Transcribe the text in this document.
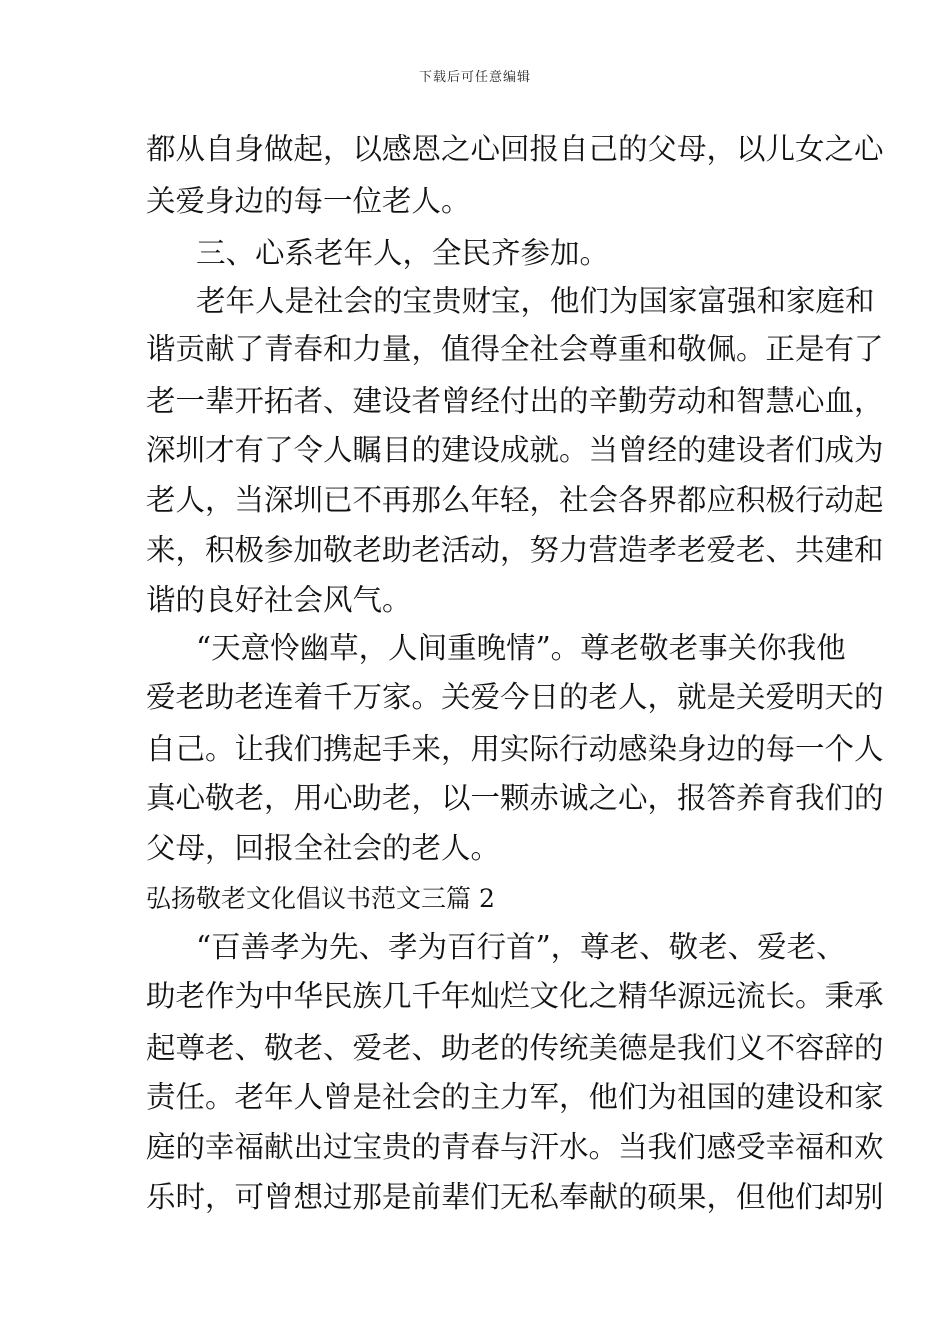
下载后可任意编辑
都从自身做起，以感恩之心回报自己的父母，以儿女之心
关爱身边的每一位老人。
三、心系老年人，全民齐参加。
老年人是社会的宝贵财宝，他们为国家富强和家庭和
谐贡献了青春和力量，值得全社会尊重和敬佩。正是有了
老一辈开拓者、建设者曾经付出的辛勤劳动和智慧心血，
深圳才有了令人瞩目的建设成就。当曾经的建设者们成为
老人，当深圳已不再那么年轻，社会各界都应积极行动起
来，积极参加敬老助老活动，努力营造孝老爱老、共建和
谐的良好社会风气。
“天意怜幽草，人间重晚情”。尊老敬老事关你我他
爱老助老连着千万家。关爱今日的老人，就是关爱明天的
自己。让我们携起手来，用实际行动感染身边的每一个人
真心敬老，用心助老，以一颗赤诚之心，报答养育我们的
父母，回报全社会的老人。
弘扬敬老文化倡议书范文三篇 2
“百善孝为先、孝为百行首”，尊老、敬老、爱老、
助老作为中华民族几千年灿烂文化之精华源远流长。秉承
起尊老、敬老、爱老、助老的传统美德是我们义不容辞的
责任。老年人曾是社会的主力军，他们为祖国的建设和家
庭的幸福献出过宝贵的青春与汗水。当我们感受幸福和欢
乐时，可曾想过那是前辈们无私奉献的硕果，但他们却别
